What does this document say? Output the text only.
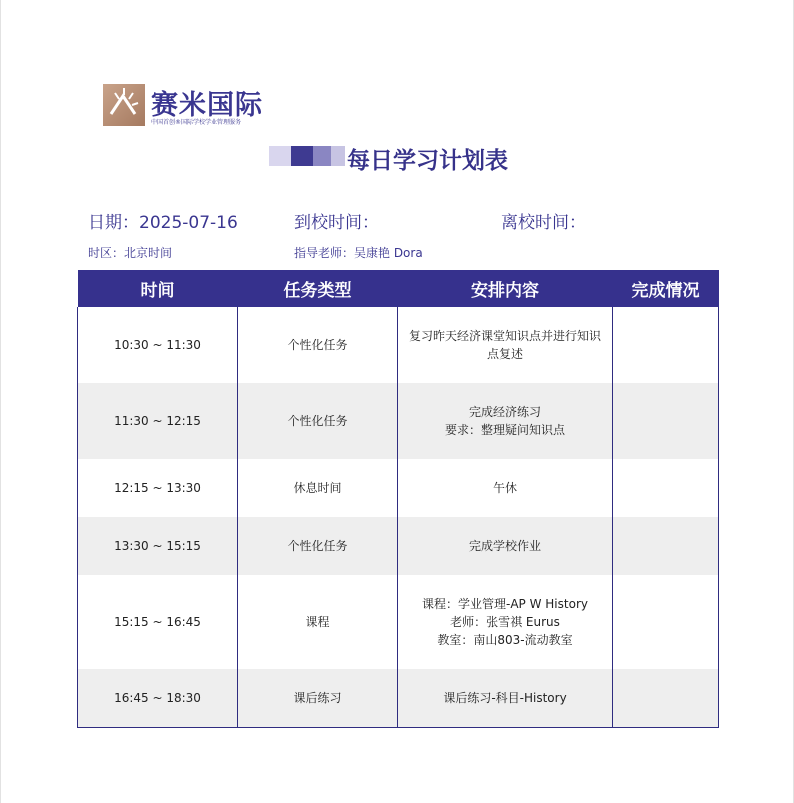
赛米国际
中国首创®国际学校学业管理服务
每日学习计划表
日期：2025-07-16	到校时间：	离校时间：
时区：北京时间	指导老师：吴康艳 Dora
时间	任务类型	安排内容	完成情况
10:30 ~ 11:30	个性化任务	复习昨天经济课堂知识点并进行知识点复述	

11:30 ~ 12:15	个性化任务	完成经济练习
要求：整理疑问知识点	

12:15 ~ 13:30	休息时间	午休	

13:30 ~ 15:15	个性化任务	完成学校作业	

15:15 ~ 16:45	课程	课程：学业管理-AP W History
老师：张雪祺 Eurus
教室：南山803-流动教室	

16:45 ~ 18:30	课后练习	课后练习-科目-History	
